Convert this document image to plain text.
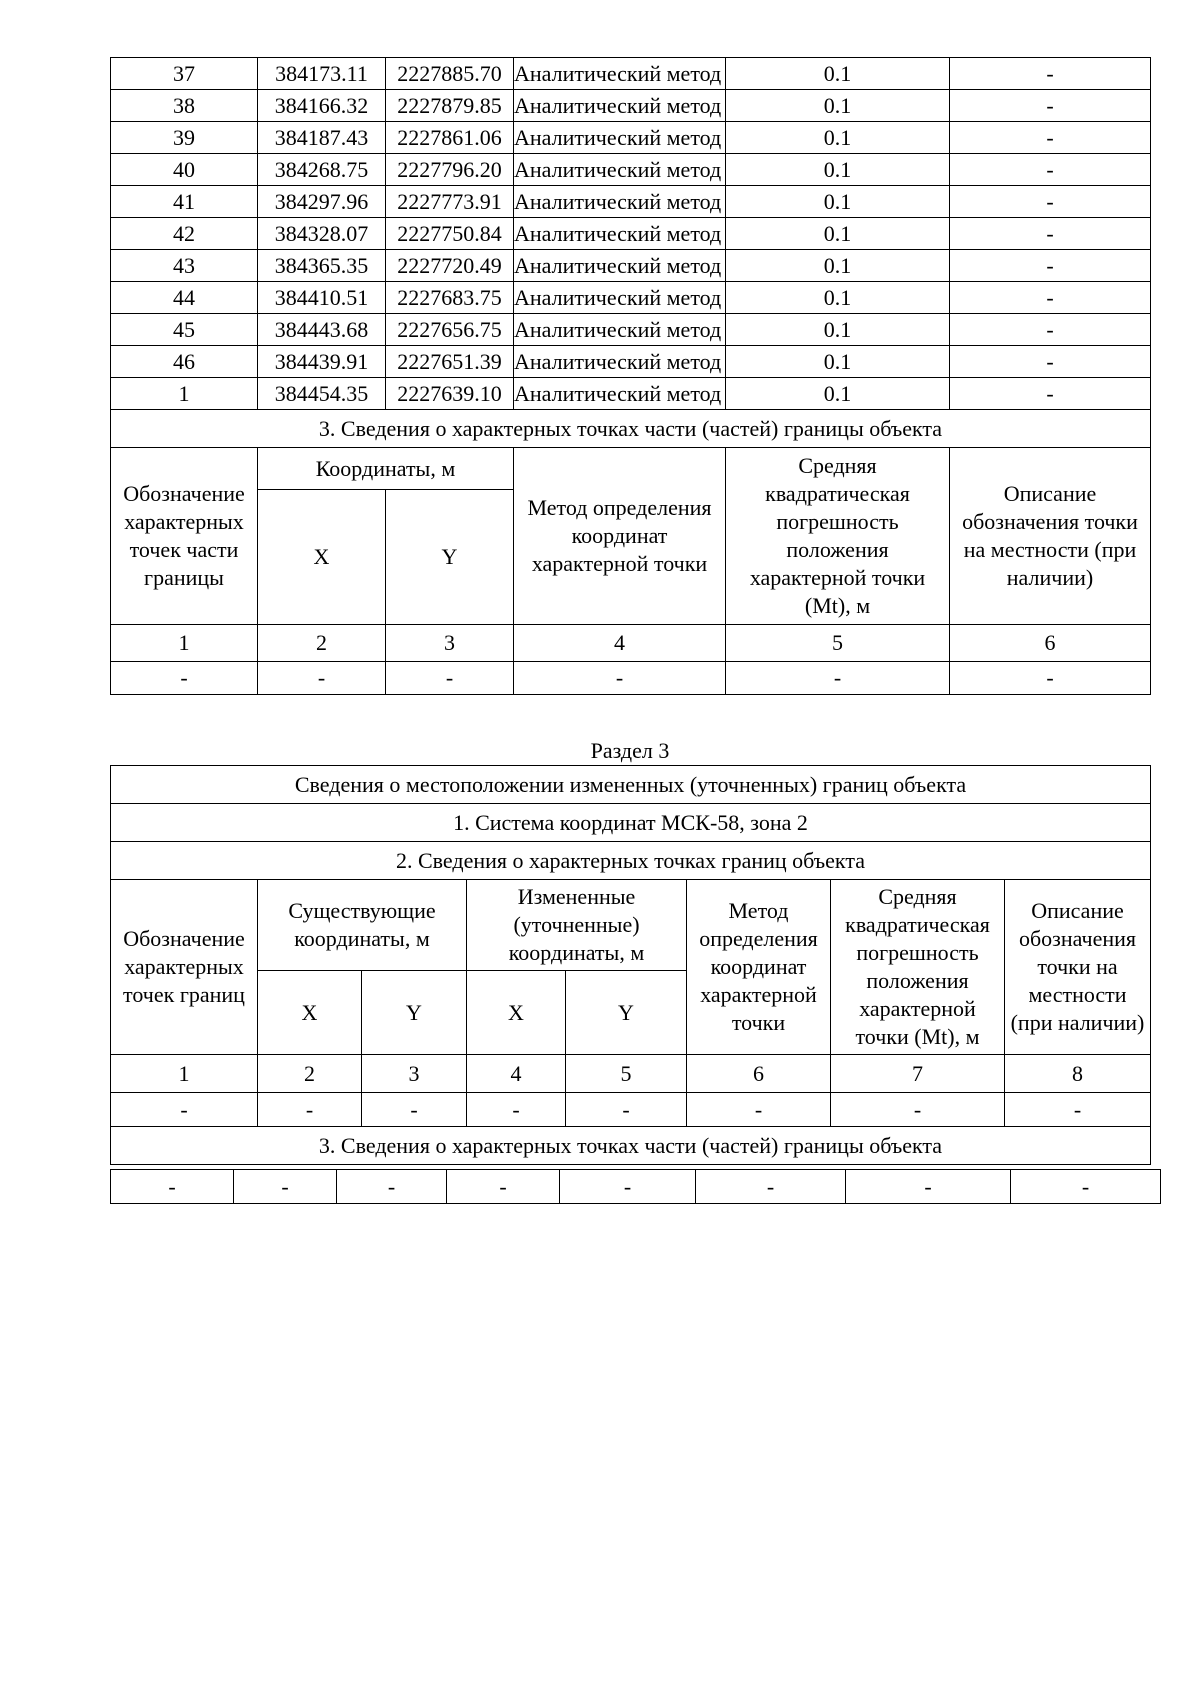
37	384173.11	2227885.70	Аналитический метод	0.1	-
38	384166.32	2227879.85	Аналитический метод	0.1	-
39	384187.43	2227861.06	Аналитический метод	0.1	-
40	384268.75	2227796.20	Аналитический метод	0.1	-
41	384297.96	2227773.91	Аналитический метод	0.1	-
42	384328.07	2227750.84	Аналитический метод	0.1	-
43	384365.35	2227720.49	Аналитический метод	0.1	-
44	384410.51	2227683.75	Аналитический метод	0.1	-
45	384443.68	2227656.75	Аналитический метод	0.1	-
46	384439.91	2227651.39	Аналитический метод	0.1	-
1	384454.35	2227639.10	Аналитический метод	0.1	-
3. Сведения о характерных точках части (частей) границы объекта					
Обозначение характерных точек части границы	Координаты, м		Метод определения координат характерной точки	Средняя квадратическая погрешность положения характерной точки (Mt), м	Описание обозначения точки на местности (при наличии)
	X	Y			
1	2	3	4	5	6
-	-	-	-	-	-
Раздел 3
Сведения о местоположении измененных (уточненных) границ объекта							
1. Система координат МСК-58, зона 2							
2. Сведения о характерных точках границ объекта							
Обозначение характерных точек границ	Существующие координаты, м		Измененные (уточненные) координаты, м		Метод определения координат характерной точки	Средняя квадратическая погрешность положения характерной точки (Mt), м	Описание обозначения точки на местности (при наличии)
	X	Y	X	Y			
1	2	3	4	5	6	7	8
-	-	-	-	-	-	-	-
3. Сведения о характерных точках части (частей) границы объекта							
-	-	-	-	-	-	-	-
